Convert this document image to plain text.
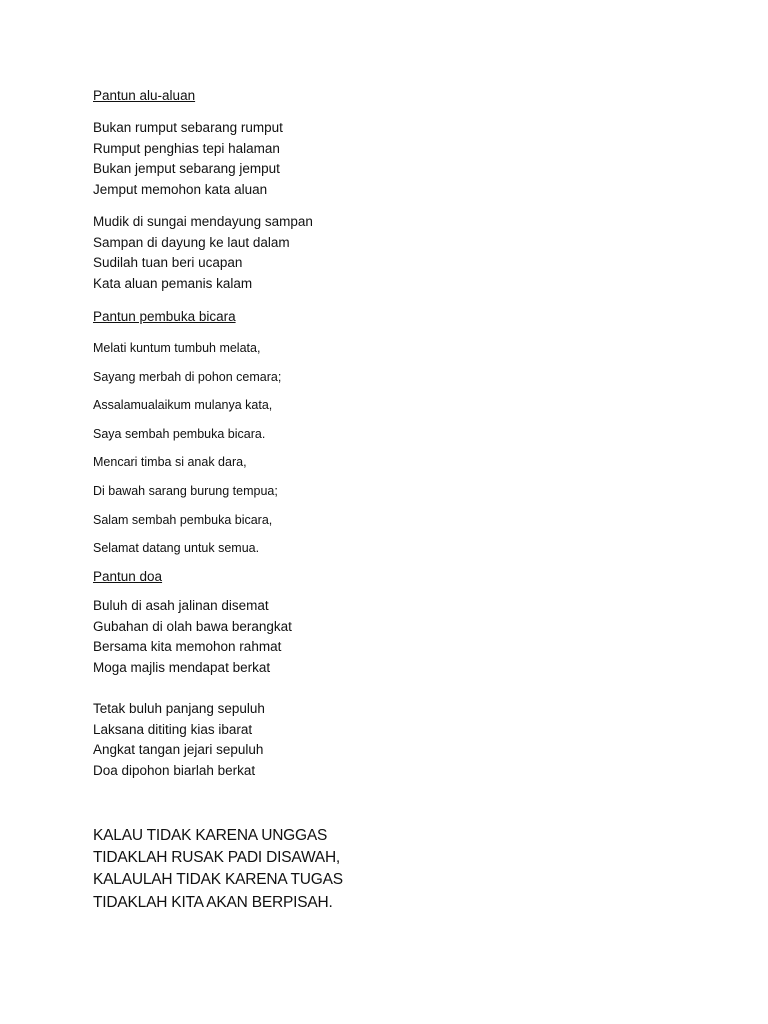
Pantun alu-aluan
Bukan rumput sebarang rumput
Rumput penghias tepi halaman
Bukan jemput sebarang jemput
Jemput memohon kata aluan
Mudik di sungai mendayung sampan
Sampan di dayung ke laut dalam
Sudilah tuan beri ucapan
Kata aluan pemanis kalam
Pantun pembuka bicara
Melati kuntum tumbuh melata,
Sayang merbah di pohon cemara;
Assalamualaikum mulanya kata,
Saya sembah pembuka bicara.
Mencari timba si anak dara,
Di bawah sarang burung tempua;
Salam sembah pembuka bicara,
Selamat datang untuk semua.
Pantun doa
Buluh di asah jalinan disemat
Gubahan di olah bawa berangkat
Bersama kita memohon rahmat
Moga majlis mendapat berkat
Tetak buluh panjang sepuluh
Laksana dititing kias ibarat
Angkat tangan jejari sepuluh
Doa dipohon biarlah berkat
KALAU TIDAK KARENA UNGGAS
TIDAKLAH RUSAK PADI DISAWAH,
KALAULAH TIDAK KARENA TUGAS
TIDAKLAH KITA AKAN BERPISAH.
